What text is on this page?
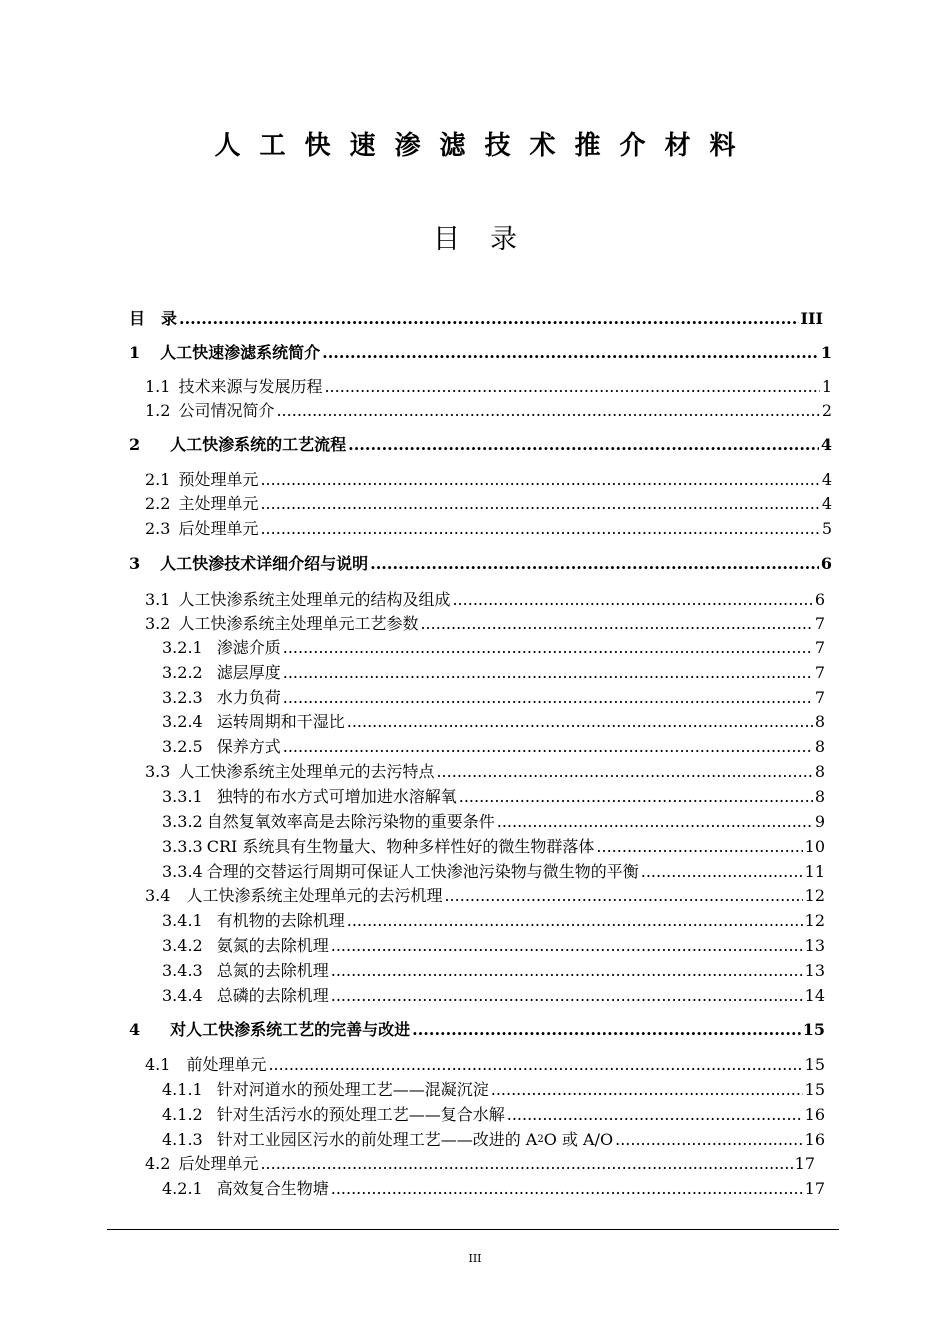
人工快速渗滤技术推介材料
目录
目　录 .....	III
1 人工快速渗滤系统简介 .....	1
1.1 技术来源与发展历程 .....	1
1.2 公司情况简介 .....	2
2 人工快渗系统的工艺流程 .....	4
2.1 预处理单元 .....	4
2.2 主处理单元 .....	4
2.3 后处理单元 .....	5
3 人工快渗技术详细介绍与说明 .....	6
3.1 人工快渗系统主处理单元的结构及组成 .....	6
3.2 人工快渗系统主处理单元工艺参数 .....	7
3.2.1 渗滤介质 .....	7
3.2.2 滤层厚度 .....	7
3.2.3 水力负荷 .....	7
3.2.4 运转周期和干湿比 .....	8
3.2.5 保养方式 .....	8
3.3 人工快渗系统主处理单元的去污特点 .....	8
3.3.1 独特的布水方式可增加进水溶解氧 .....	8
3.3.2 自然复氧效率高是去除污染物的重要条件 .....	9
3.3.3 CRI 系统具有生物量大、物种多样性好的微生物群落体 .....	10
3.3.4 合理的交替运行周期可保证人工快渗池污染物与微生物的平衡 .....	11
3.4 人工快渗系统主处理单元的去污机理 .....	12
3.4.1 有机物的去除机理 .....	12
3.4.2 氨氮的去除机理 .....	13
3.4.3 总氮的去除机理 .....	13
3.4.4 总磷的去除机理 .....	14
4 对人工快渗系统工艺的完善与改进 .....	15
4.1 前处理单元 .....	15
4.1.1 针对河道水的预处理工艺——混凝沉淀 .....	15
4.1.2 针对生活污水的预处理工艺——复合水解 .....	16
4.1.3 针对工业园区污水的前处理工艺——改进的 $A^2O$ 或 A/O .....	16
4.2 后处理单元 .....	17
4.2.1 高效复合生物塘 .....	17
III
